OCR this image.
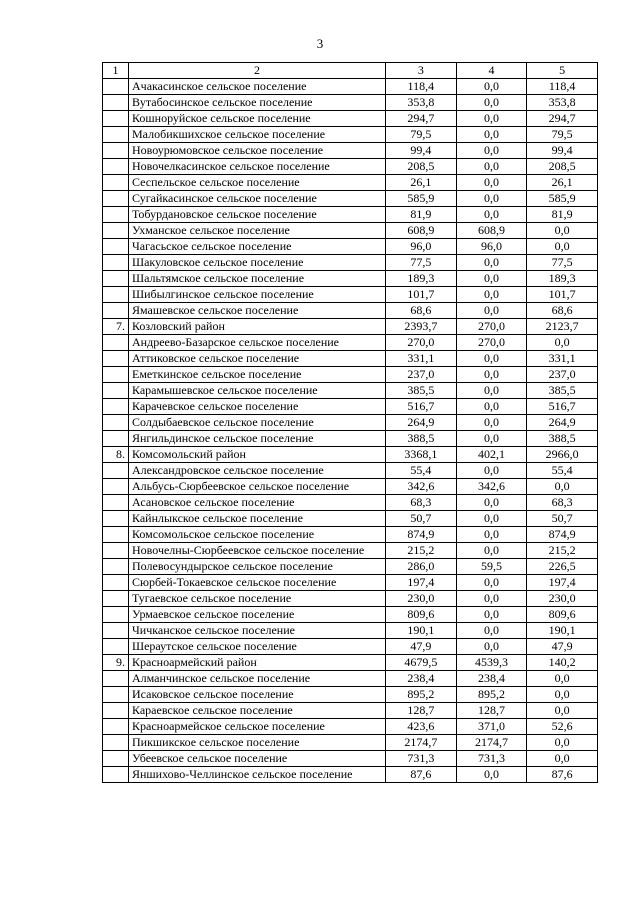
3
1	2	3	4	5
	Ачакасинское сельское поселение	118,4	0,0	118,4
	Вутабосинское сельское поселение	353,8	0,0	353,8
	Кошноруйское сельское поселение	294,7	0,0	294,7
	Малобикшихское сельское поселение	79,5	0,0	79,5
	Новоурюмовское сельское поселение	99,4	0,0	99,4
	Новочелкасинское сельское поселение	208,5	0,0	208,5
	Сеспельское сельское поселение	26,1	0,0	26,1
	Сугайкасинское сельское поселение	585,9	0,0	585,9
	Тобурдановское сельское поселение	81,9	0,0	81,9
	Ухманское сельское поселение	608,9	608,9	0,0
	Чагасьское сельское поселение	96,0	96,0	0,0
	Шакуловское сельское поселение	77,5	0,0	77,5
	Шальтямское сельское поселение	189,3	0,0	189,3
	Шибылгинское сельское поселение	101,7	0,0	101,7
	Ямашевское сельское поселение	68,6	0,0	68,6
7.	Козловский район	2393,7	270,0	2123,7
	Андреево-Базарское сельское поселение	270,0	270,0	0,0
	Аттиковское сельское поселение	331,1	0,0	331,1
	Еметкинское сельское поселение	237,0	0,0	237,0
	Карамышевское сельское поселение	385,5	0,0	385,5
	Карачевское сельское поселение	516,7	0,0	516,7
	Солдыбаевское сельское поселение	264,9	0,0	264,9
	Янгильдинское сельское поселение	388,5	0,0	388,5
8.	Комсомольский район	3368,1	402,1	2966,0
	Александровское сельское поселение	55,4	0,0	55,4
	Альбусь-Сюрбеевское сельское поселение	342,6	342,6	0,0
	Асановское сельское поселение	68,3	0,0	68,3
	Кайнлыкское сельское поселение	50,7	0,0	50,7
	Комсомольское сельское поселение	874,9	0,0	874,9
	Новочелны-Сюрбеевское сельское поселение	215,2	0,0	215,2
	Полевосундырское сельское поселение	286,0	59,5	226,5
	Сюрбей-Токаевское сельское поселение	197,4	0,0	197,4
	Тугаевское сельское поселение	230,0	0,0	230,0
	Урмаевское сельское поселение	809,6	0,0	809,6
	Чичканское сельское поселение	190,1	0,0	190,1
	Шераутское сельское поселение	47,9	0,0	47,9
9.	Красноармейский район	4679,5	4539,3	140,2
	Алманчинское сельское поселение	238,4	238,4	0,0
	Исаковское сельское поселение	895,2	895,2	0,0
	Караевское сельское поселение	128,7	128,7	0,0
	Красноармейское сельское поселение	423,6	371,0	52,6
	Пикшикское сельское поселение	2174,7	2174,7	0,0
	Убеевское сельское поселение	731,3	731,3	0,0
	Яншихово-Челлинское сельское поселение	87,6	0,0	87,6
